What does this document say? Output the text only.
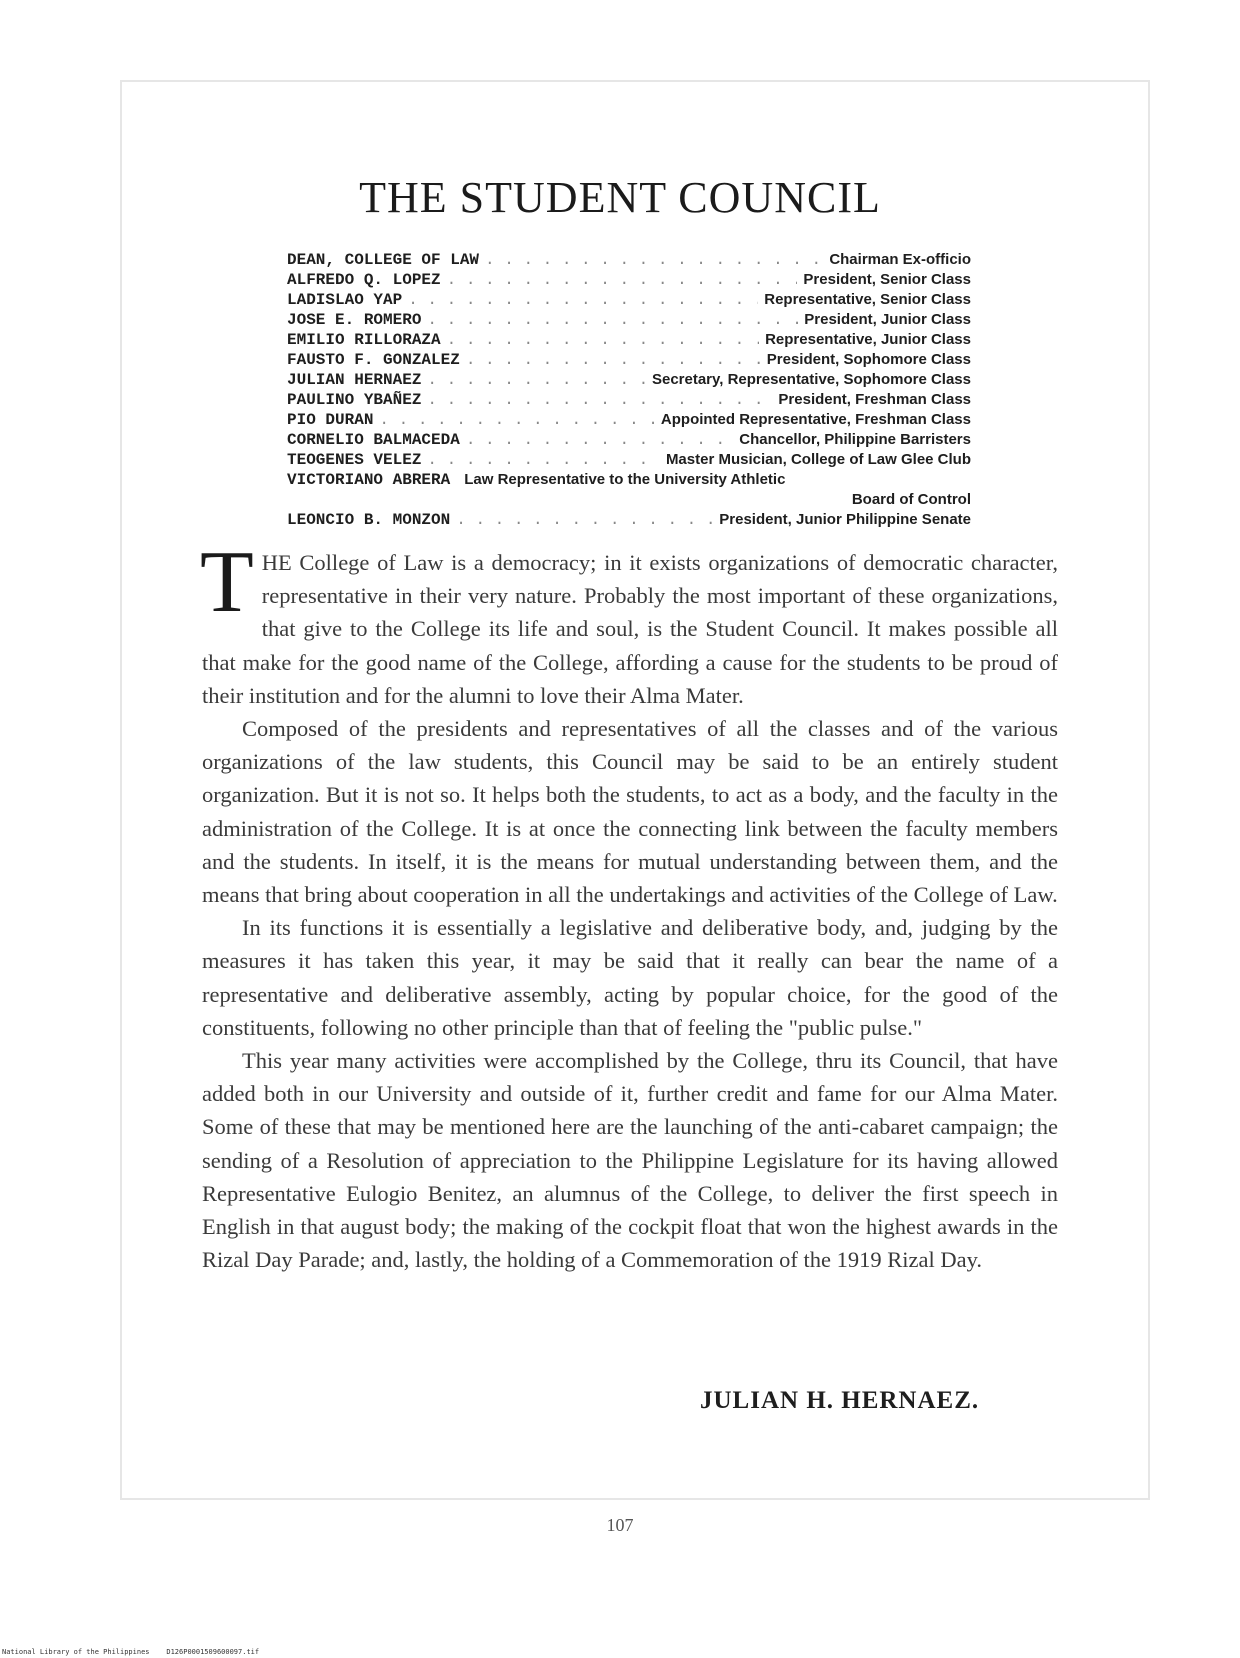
THE STUDENT COUNCIL
DEAN, COLLEGE OF LAW . . .	Chairman Ex-officio
ALFREDO Q. LOPEZ . . .	President, Senior Class
LADISLAO YAP . . .	Representative, Senior Class
JOSE E. ROMERO . . .	President, Junior Class
EMILIO RILLORAZA . . .	Representative, Junior Class
FAUSTO F. GONZALEZ . . .	President, Sophomore Class
JULIAN HERNAEZ . . .	Secretary, Representative, Sophomore Class
PAULINO YBAÑEZ . . .	President, Freshman Class
PIO DURAN . . .	Appointed Representative, Freshman Class
CORNELIO BALMACEDA . . .	Chancellor, Philippine Barristers
TEOGENES VELEZ . . .	Master Musician, College of Law Glee Club
VICTORIANO ABRERA Law Representative to the University Athletic
Board of Control
LEONCIO B. MONZON . . .	President, Junior Philippine Senate

THE College of Law is a democracy; in it exists organizations of democratic character, representative in their very nature. Probably the most important of these organizations, that give to the College its life and soul, is the Student Council. It makes possible all that make for the good name of the College, affording a cause for the students to be proud of their institution and for the alumni to love their Alma Mater.

Composed of the presidents and representatives of all the classes and of the various organizations of the law students, this Council may be said to be an entirely student organization. But it is not so. It helps both the students, to act as a body, and the faculty in the administration of the College. It is at once the connecting link between the faculty members and the students. In itself, it is the means for mutual understanding between them, and the means that bring about cooperation in all the undertakings and activities of the College of Law.

In its functions it is essentially a legislative and deliberative body, and, judging by the measures it has taken this year, it may be said that it really can bear the name of a representative and deliberative assembly, acting by popular choice, for the good of the constituents, following no other principle than that of feeling the "public pulse."

This year many activities were accomplished by the College, thru its Council, that have added both in our University and outside of it, further credit and fame for our Alma Mater. Some of these that may be mentioned here are the launching of the anti-cabaret campaign; the sending of a Resolution of appreciation to the Philippine Legislature for its having allowed Representative Eulogio Benitez, an alumnus of the College, to deliver the first speech in English in that august body; the making of the cockpit float that won the highest awards in the Rizal Day Parade; and, lastly, the holding of a Commemoration of the 1919 Rizal Day.

JULIAN H. HERNAEZ.
107
National Library of the Philippines D126P0001509600097.tif
